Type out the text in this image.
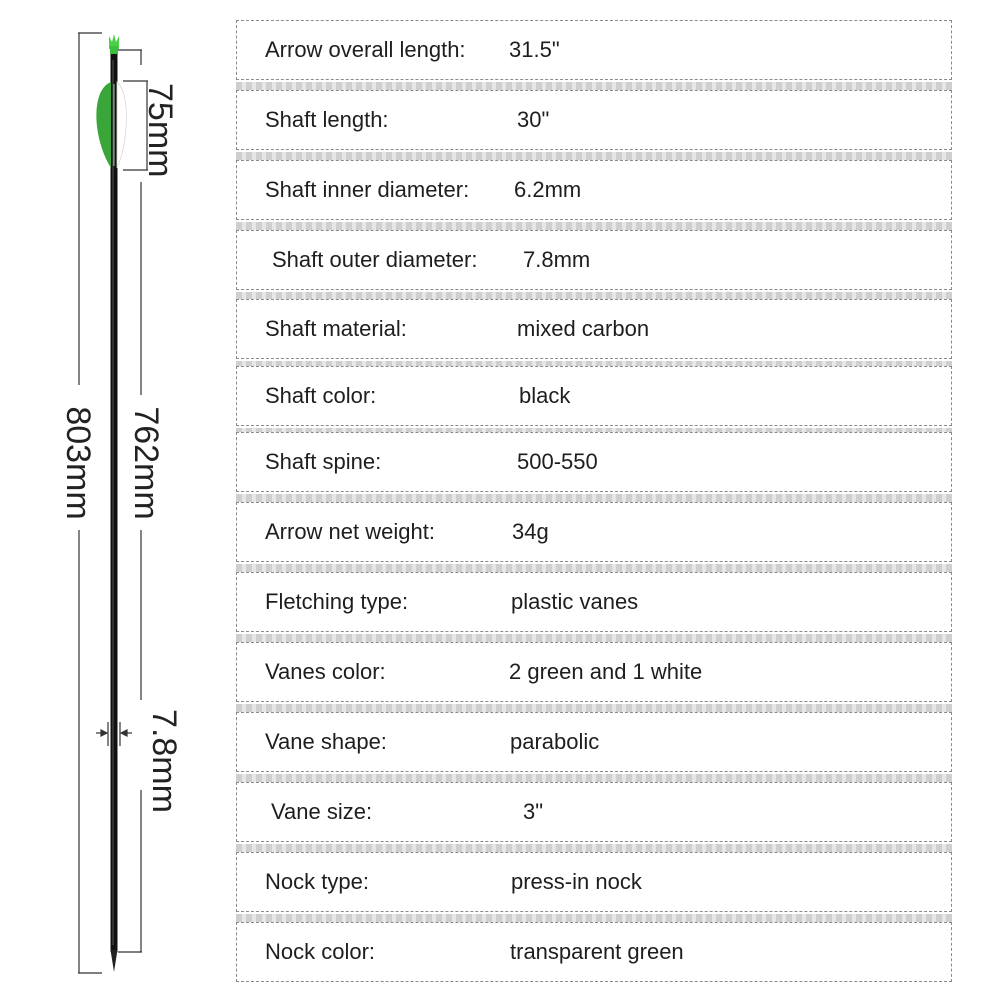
75mm
762mm
803mm
7.8mm
Arrow overall length: 31.5"
Shaft length:	30"
Shaft inner diameter: 6.2mm
Shaft outer diameter: 7.8mm
Shaft material:	mixed carbon
Shaft color:	black
Shaft spine:	500-550
Arrow net weight:	34g
Fletching type:	plastic vanes
Vanes color:	2 green and 1 white
Vane shape:	parabolic
Vane size:	3"
Nock type:	press-in nock
Nock color:	transparent green
